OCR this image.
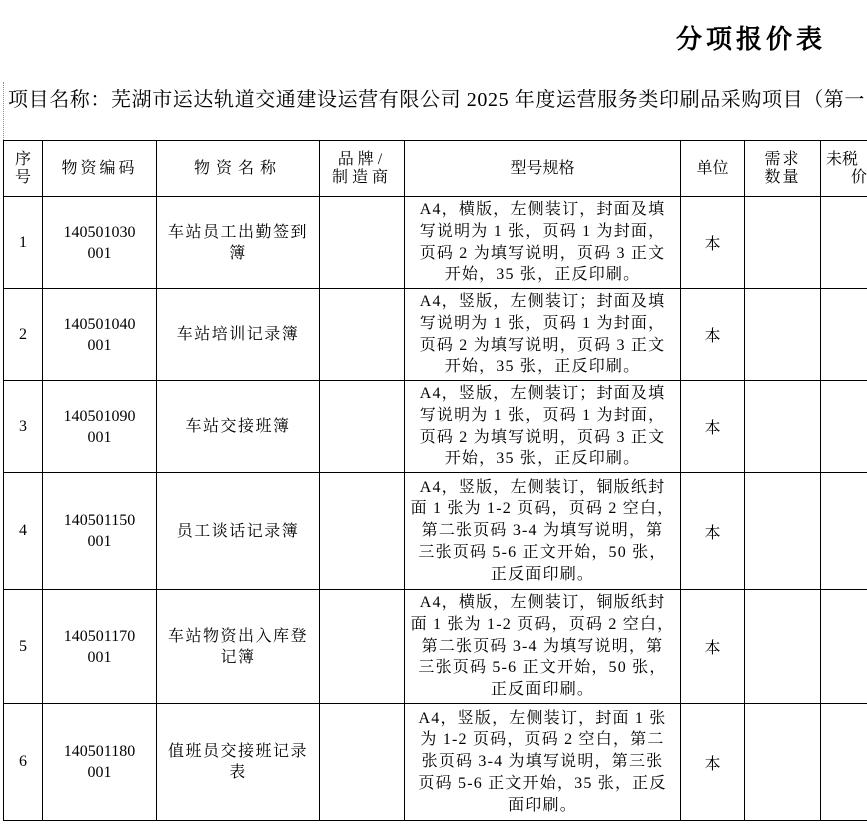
分项报价表
项目名称：芜湖市运达轨道交通建设运营有限公司 2025 年度运营服务类印刷品采购项目（第一
序号	物资编码	物资名称	品牌/制造商	型号规格	单位	需求数量	未税
价

1	140501030001	车站员工出勤签到簿		A4，横版，左侧装订，封面及填
写说明为 1 张，页码 1 为封面，
页码 2 为填写说明，页码 3 正文
开始，35 张，正反印刷。	本		
2	140501040001	车站培训记录簿		A4，竖版，左侧装订；封面及填
写说明为 1 张，页码 1 为封面，
页码 2 为填写说明，页码 3 正文
开始，35 张，正反印刷。	本		
3	140501090001	车站交接班簿		A4，竖版，左侧装订；封面及填
写说明为 1 张，页码 1 为封面，
页码 2 为填写说明，页码 3 正文
开始，35 张，正反印刷。	本		
4	140501150001	员工谈话记录簿		A4，竖版，左侧装订，铜版纸封
面 1 张为 1-2 页码，页码 2 空白，
第二张页码 3-4 为填写说明，第
三张页码 5-6 正文开始，50 张，
正反面印刷。	本		
5	140501170001	车站物资出入库登记簿		A4，横版，左侧装订，铜版纸封
面 1 张为 1-2 页码，页码 2 空白，
第二张页码 3-4 为填写说明，第
三张页码 5-6 正文开始，50 张，
正反面印刷。	本		
6	140501180001	值班员交接班记录表		A4，竖版，左侧装订，封面 1 张
为 1-2 页码，页码 2 空白，第二
张页码 3-4 为填写说明，第三张
页码 5-6 正文开始，35 张，正反
面印刷。	本		
